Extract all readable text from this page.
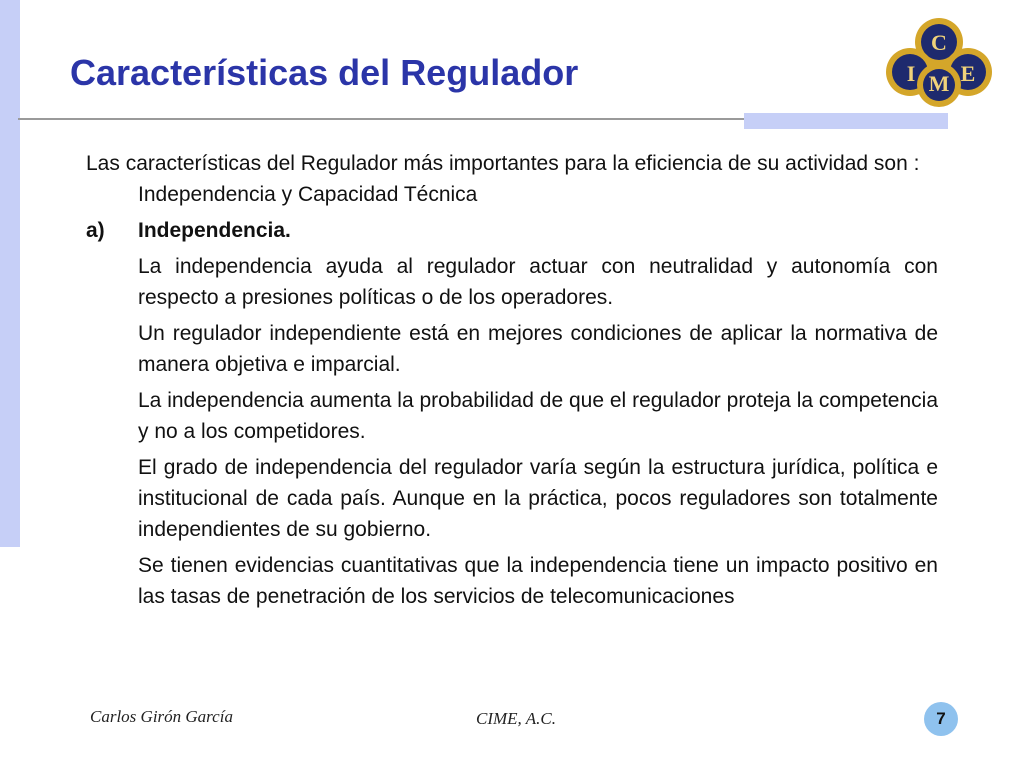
Características del Regulador
C
I M E

Las características del Regulador más importantes para la eficiencia de su actividad son : Independencia y Capacidad Técnica

a)	Independencia.

La independencia ayuda al regulador actuar con neutralidad y autonomía con respecto a presiones políticas o de los operadores.

Un regulador independiente está en mejores condiciones de aplicar la normativa de manera objetiva e imparcial.

La independencia aumenta la probabilidad de que el regulador proteja la competencia y no a los competidores.

El grado de independencia del regulador varía según la estructura jurídica, política e institucional de cada país. Aunque en la práctica, pocos reguladores son totalmente independientes de su gobierno.

Se tienen evidencias cuantitativas que la independencia tiene un impacto positivo en las tasas de penetración de los servicios de telecomunicaciones

Carlos Girón García	CIME, A.C.	7
